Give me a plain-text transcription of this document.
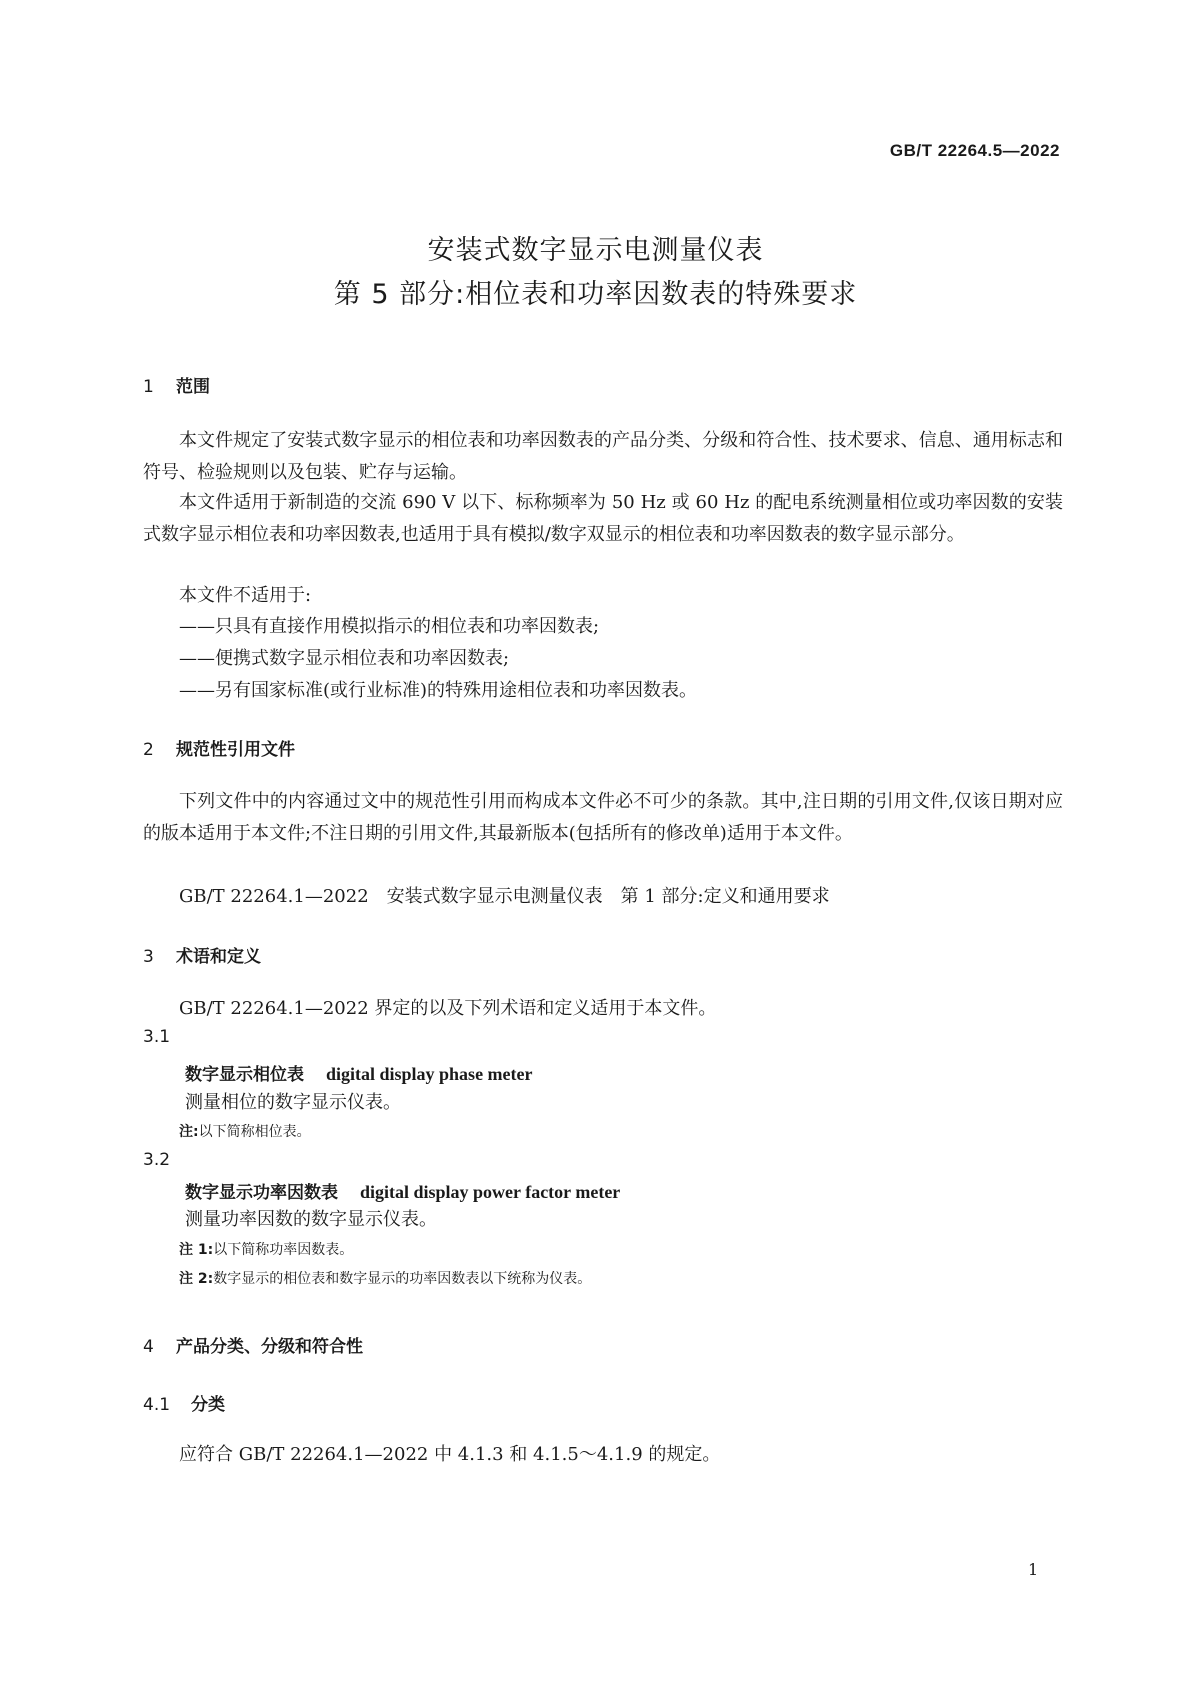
GB/T 22264.5—2022
安装式数字显示电测量仪表
第 5 部分:相位表和功率因数表的特殊要求
1 范围

本文件规定了安装式数字显示的相位表和功率因数表的产品分类、分级和符合性、技术要求、信息、通用标志和符号、检验规则以及包装、贮存与运输。

本文件适用于新制造的交流 690 V 以下、标称频率为 50 Hz 或 60 Hz 的配电系统测量相位或功率因数的安装式数字显示相位表和功率因数表,也适用于具有模拟/数字双显示的相位表和功率因数表的数字显示部分。

本文件不适用于:
——只具有直接作用模拟指示的相位表和功率因数表;
——便携式数字显示相位表和功率因数表;
——另有国家标准(或行业标准)的特殊用途相位表和功率因数表。
2 规范性引用文件

下列文件中的内容通过文中的规范性引用而构成本文件必不可少的条款。其中,注日期的引用文件,仅该日期对应的版本适用于本文件;不注日期的引用文件,其最新版本(包括所有的修改单)适用于本文件。

GB/T 22264.1—2022 安装式数字显示电测量仪表　第 1 部分:定义和通用要求
3 术语和定义
GB/T 22264.1—2022 界定的以及下列术语和定义适用于本文件。
3.1
数字显示相位表 digital display phase meter
测量相位的数字显示仪表。
注:以下简称相位表。
3.2
数字显示功率因数表 digital display power factor meter
测量功率因数的数字显示仪表。
注 1:以下简称功率因数表。
注 2:数字显示的相位表和数字显示的功率因数表以下统称为仪表。
4 产品分类、分级和符合性
4.1 分类
应符合 GB/T 22264.1—2022 中 4.1.3 和 4.1.5～4.1.9 的规定。
1
